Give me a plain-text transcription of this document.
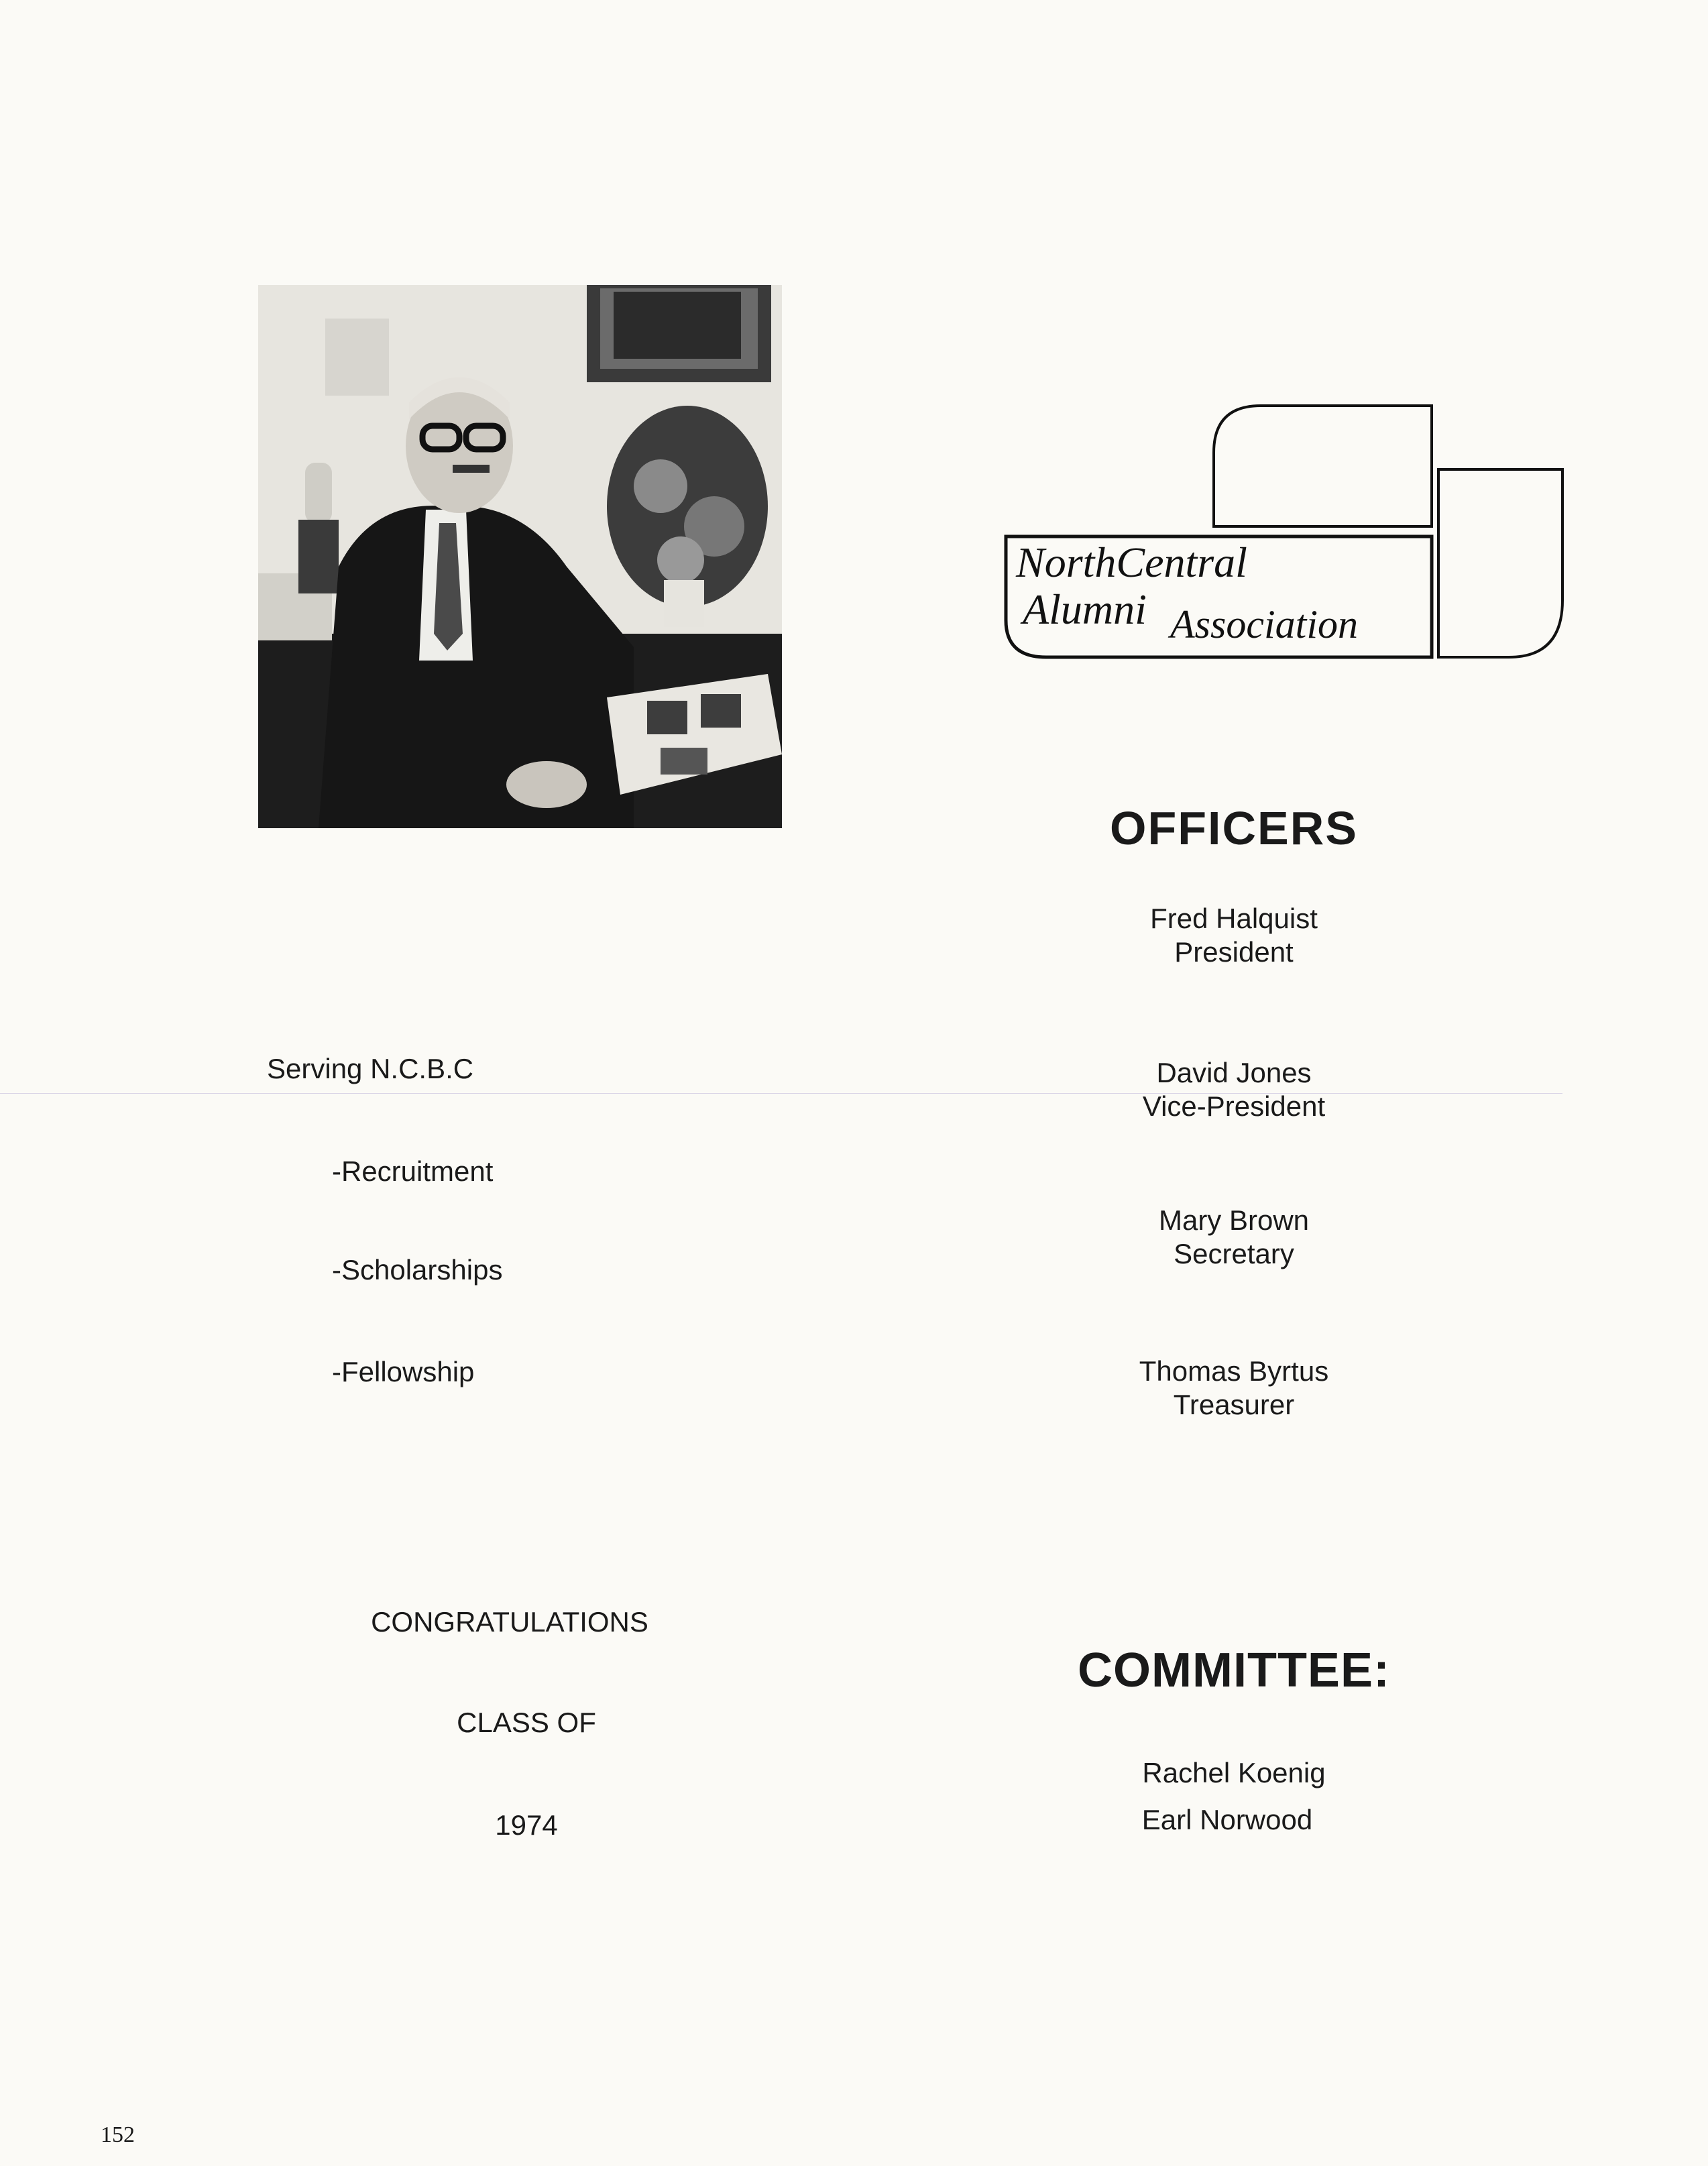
NorthCentral
Alumni Association
OFFICERS
Fred Halquist
President
David Jones
Vice-President
Mary Brown
Secretary
Thomas Byrtus
Treasurer
COMMITTEE:
Rachel Koenig
Earl Norwood
Serving N.C.B.C
-Recruitment
-Scholarships
-Fellowship
CONGRATULATIONS
CLASS OF
1974
152
